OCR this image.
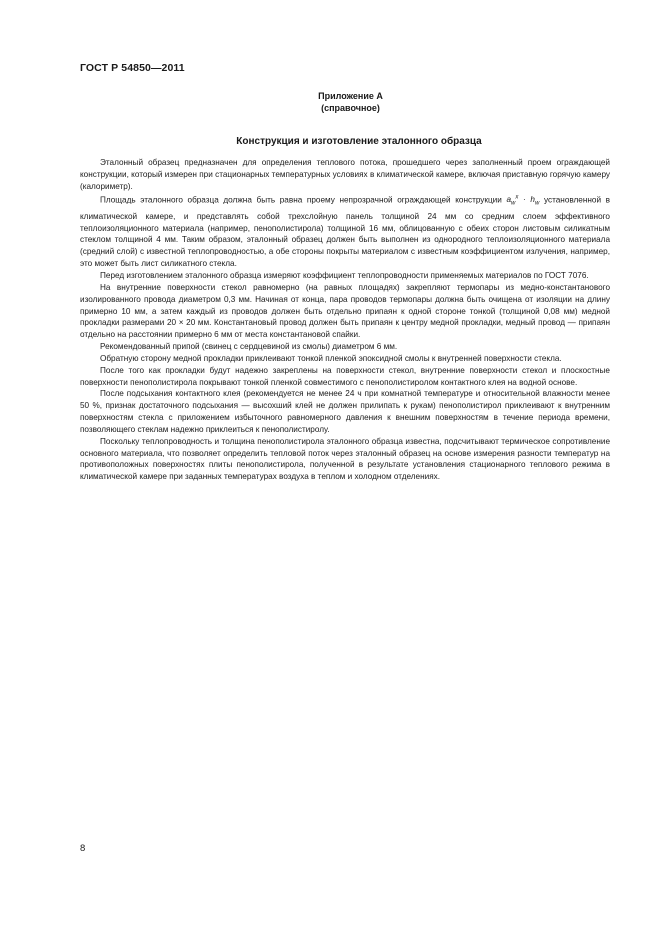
ГОСТ Р 54850—2011
Приложение А
(справочное)
Конструкция и изготовление эталонного образца

Эталонный образец предназначен для определения теплового потока, прошедшего через заполненный проем ограждающей конструкции, который измерен при стационарных температурных условиях в климатической камере, включая приставную горячую камеру (калориметр).

Площадь эталонного образца должна быть равна проему непрозрачной ограждающей конструкции $a_w^x \cdot h_w$ установленной в климатической камере, и представлять собой трехслойную панель толщиной 24 мм со средним слоем эффективного теплоизоляционного материала (например, пенополистирола) толщиной 16 мм, облицованную с обеих сторон листовым силикатным стеклом толщиной 4 мм. Таким образом, эталонный образец должен быть выполнен из однородного теплоизоляционного материала (средний слой) с известной теплопроводностью, а обе стороны покрыты материалом с известным коэффициентом излучения, например, это может быть лист силикатного стекла.

Перед изготовлением эталонного образца измеряют коэффициент теплопроводности применяемых материалов по ГОСТ 7076.

На внутренние поверхности стекол равномерно (на равных площадях) закрепляют термопары из медно-константанового изолированного провода диаметром 0,3 мм. Начиная от конца, пара проводов термопары должна быть очищена от изоляции на длину примерно 10 мм, а затем каждый из проводов должен быть отдельно припаян к одной стороне тонкой (толщиной 0,08 мм) медной прокладки размерами 20 × 20 мм. Константановый провод должен быть припаян к центру медной прокладки, медный провод — припаян отдельно на расстоянии примерно 6 мм от места константановой спайки.

Рекомендованный припой (свинец с сердцевиной из смолы) диаметром 6 мм.

Обратную сторону медной прокладки приклеивают тонкой пленкой эпоксидной смолы к внутренней поверхности стекла.

После того как прокладки будут надежно закреплены на поверхности стекол, внутренние поверхности стекол и плоскостные поверхности пенополистирола покрывают тонкой пленкой совместимого с пенополистиролом контактного клея на водной основе.

После подсыхания контактного клея (рекомендуется не менее 24 ч при комнатной температуре и относительной влажности менее 50 %, признак достаточного подсыхания — высохший клей не должен прилипать к рукам) пенополистирол приклеивают к внутренним поверхностям стекла с приложением избыточного равномерного давления к внешним поверхностям в течение периода времени, позволяющего стеклам надежно приклеиться к пенополистиролу.

Поскольку теплопроводность и толщина пенополистирола эталонного образца известна, подсчитывают термическое сопротивление основного материала, что позволяет определить тепловой поток через эталонный образец на основе измерения разности температур на противоположных поверхностях плиты пенополистирола, полученной в результате установления стационарного теплового режима в климатической камере при заданных температурах воздуха в теплом и холодном отделениях.

8
